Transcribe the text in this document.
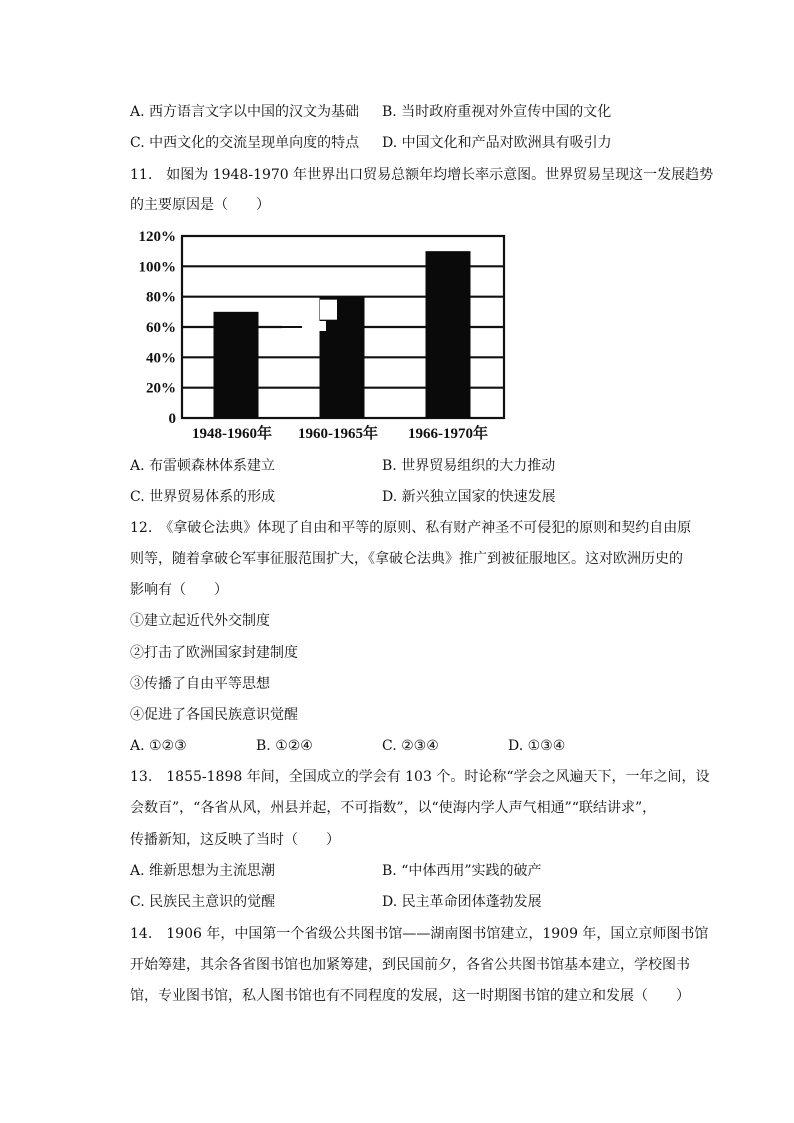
A. 西方语言文字以中国的汉文为基础 B. 当时政府重视对外宣传中国的文化
C. 中西文化的交流呈现单向度的特点 D. 中国文化和产品对欧洲具有吸引力
11.　如图为 1948-1970 年世界出口贸易总额年均增长率示意图。世界贸易呈现这一发展趋势
的主要原因是（　　）
0
20%
40%
60%
80%
100%
120%
1948-1960年 1960-1965年 1966-1970年
A. 布雷顿森林体系建立	B. 世界贸易组织的大力推动
C. 世界贸易体系的形成	D. 新兴独立国家的快速发展
12.　《拿破仑法典》体现了自由和平等的原则、私有财产神圣不可侵犯的原则和契约自由原
则等，随着拿破仑军事征服范围扩大，《拿破仑法典》推广到被征服地区。这对欧洲历史的
影响有（　　）
①建立起近代外交制度
②打击了欧洲国家封建制度
③传播了自由平等思想
④促进了各国民族意识觉醒
A. ①②③	B. ①②④	C. ②③④	D. ①③④
13.　1855-1898 年间，全国成立的学会有 103 个。时论称“学会之风遍天下，一年之间，设
会数百”，“各省从风，州县并起，不可指数”，以“使海内学人声气相通”“联结讲求”，
传播新知，这反映了当时（　　）
A. 维新思想为主流思潮	B. “中体西用”实践的破产
C. 民族民主意识的觉醒	D. 民主革命团体蓬勃发展
14.　1906 年，中国第一个省级公共图书馆——湖南图书馆建立，1909 年，国立京师图书馆
开始筹建，其余各省图书馆也加紧筹建，到民国前夕，各省公共图书馆基本建立，学校图书
馆，专业图书馆，私人图书馆也有不同程度的发展，这一时期图书馆的建立和发展（　　）
